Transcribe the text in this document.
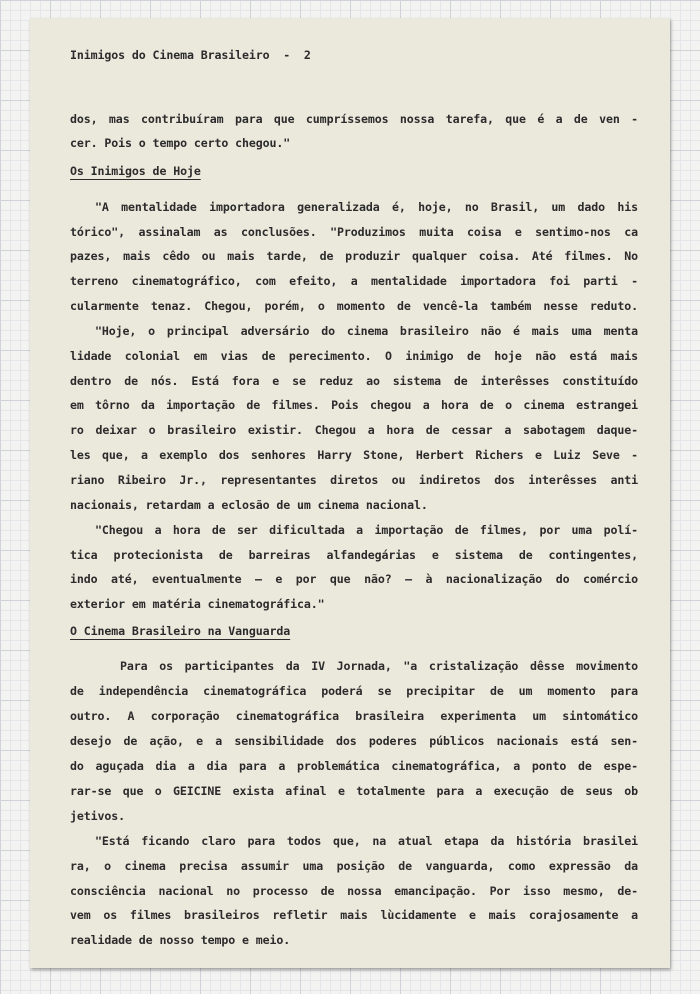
Inimigos do Cinema Brasileiro  -  2
dos, mas contribuíram para que cumpríssemos nossa tarefa, que é a de ven -
cer. Pois o tempo certo chegou."
Os Inimigos de Hoje
"A mentalidade importadora generalizada é, hoje, no Brasil, um dado his
tórico", assinalam as conclusões. "Produzimos muita coisa e sentimo-nos ca
pazes, mais cêdo ou mais tarde, de produzir qualquer coisa. Até filmes. No
terreno cinematográfico, com efeito, a mentalidade importadora foi parti -
cularmente tenaz. Chegou, porém, o momento de vencê-la também nesse reduto.
"Hoje, o principal adversário do cinema brasileiro não é mais uma menta
lidade colonial em vias de perecimento. O inimigo de hoje não está mais
dentro de nós. Está fora e se reduz ao sistema de interêsses constituído
em tôrno da importação de filmes. Pois chegou a hora de o cinema estrangei
ro deixar o brasileiro existir. Chegou a hora de cessar a sabotagem daque-
les que, a exemplo dos senhores Harry Stone, Herbert Richers e Luiz Seve -
riano Ribeiro Jr., representantes diretos ou indiretos dos interêsses anti
nacionais, retardam a eclosão de um cinema nacional.
"Chegou a hora de ser dificultada a importação de filmes, por uma polí-
tica protecionista de barreiras alfandegárias e sistema de contingentes,
indo até, eventualmente — e por que não? — à nacionalização do comércio
exterior em matéria cinematográfica."
O Cinema Brasileiro na Vanguarda
Para os participantes da IV Jornada, "a cristalização dêsse movimento
de independência cinematográfica poderá se precipitar de um momento para
outro. A corporação cinematográfica brasileira experimenta um sintomático
desejo de ação, e a sensibilidade dos poderes públicos nacionais está sen-
do aguçada dia a dia para a problemática cinematográfica, a ponto de espe-
rar-se que o GEICINE exista afinal e totalmente para a execução de seus ob
jetivos.
"Está ficando claro para todos que, na atual etapa da história brasilei
ra, o cinema precisa assumir uma posição de vanguarda, como expressão da
consciência nacional no processo de nossa emancipação. Por isso mesmo, de-
vem os filmes brasileiros refletir mais lùcidamente e mais corajosamente a
realidade de nosso tempo e meio.
